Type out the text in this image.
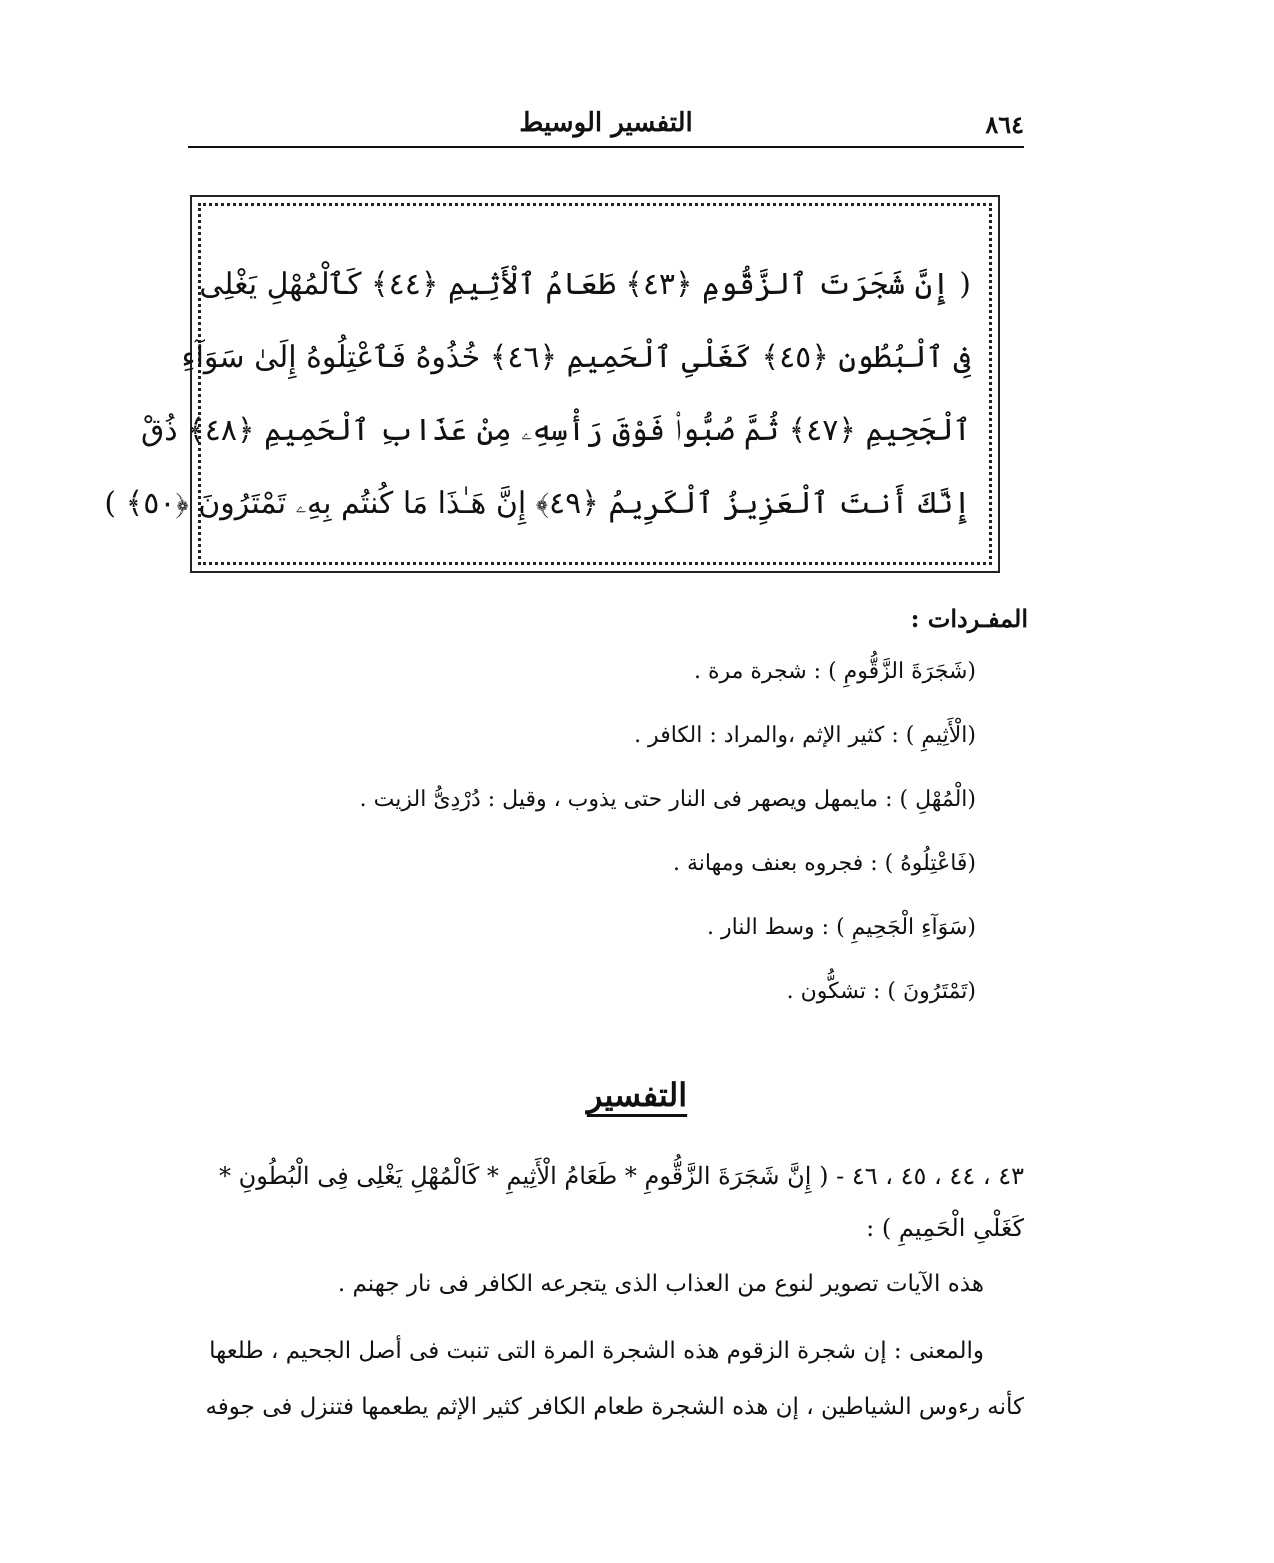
٨٦٤
التفسير الوسيط

( إِنَّ شَجَرَتَ ٱلزَّقُّومِ ﴿٤٣﴾ طَعَامُ ٱلْأَثِيمِ ﴿٤٤﴾ كَٱلْمُهْلِ يَغْلِى

فِى ٱلْبُطُونِ ﴿٤٥﴾ كَغَلْىِ ٱلْحَمِيمِ ﴿٤٦﴾ خُذُوهُ فَٱعْتِلُوهُ إِلَىٰ سَوَآءِ

ٱلْجَحِيمِ ﴿٤٧﴾ ثُمَّ صُبُّوا۟ فَوْقَ رَأْسِهِۦ مِنْ عَذَابِ ٱلْحَمِيمِ ﴿٤٨﴾ ذُقْ

إِنَّكَ أَنتَ ٱلْعَزِيزُ ٱلْكَرِيمُ ﴿٤٩﴾ إِنَّ هَـٰذَا مَا كُنتُم بِهِۦ تَمْتَرُونَ ﴿٥٠﴾ )

المفـردات :
(شَجَرَةَ الزَّقُّومِ ) : شجرة مرة .
(الْأَثِيمِ ) : كثير الإثم ،والمراد : الكافر .
(الْمُهْلِ ) : مايمهل ويصهر فى النار حتى يذوب ، وقيل : دُرْدِىُّ الزيت .
(فَاعْتِلُوهُ ) : فجروه بعنف ومهانة .
(سَوَآءِ الْجَحِيمِ ) : وسط النار .
(تَمْتَرُونَ ) : تشكُّون .
التفسير

٤٣ ، ٤٤ ، ٤٥ ، ٤٦ - ( إِنَّ شَجَرَةَ الزَّقُّومِ * طَعَامُ الْأَثِيمِ * كَالْمُهْلِ يَغْلِى فِى الْبُطُونِ *

كَغَلْىِ الْحَمِيمِ ) :

هذه الآيات تصوير لنوع من العذاب الذى يتجرعه الكافر فى نار جهنم .

والمعنى : إن شجرة الزقوم هذه الشجرة المرة التى تنبت فى أصل الجحيم ، طلعها

كأنه رءوس الشياطين ، إن هذه الشجرة طعام الكافر كثير الإثم يطعمها فتنزل فى جوفه
